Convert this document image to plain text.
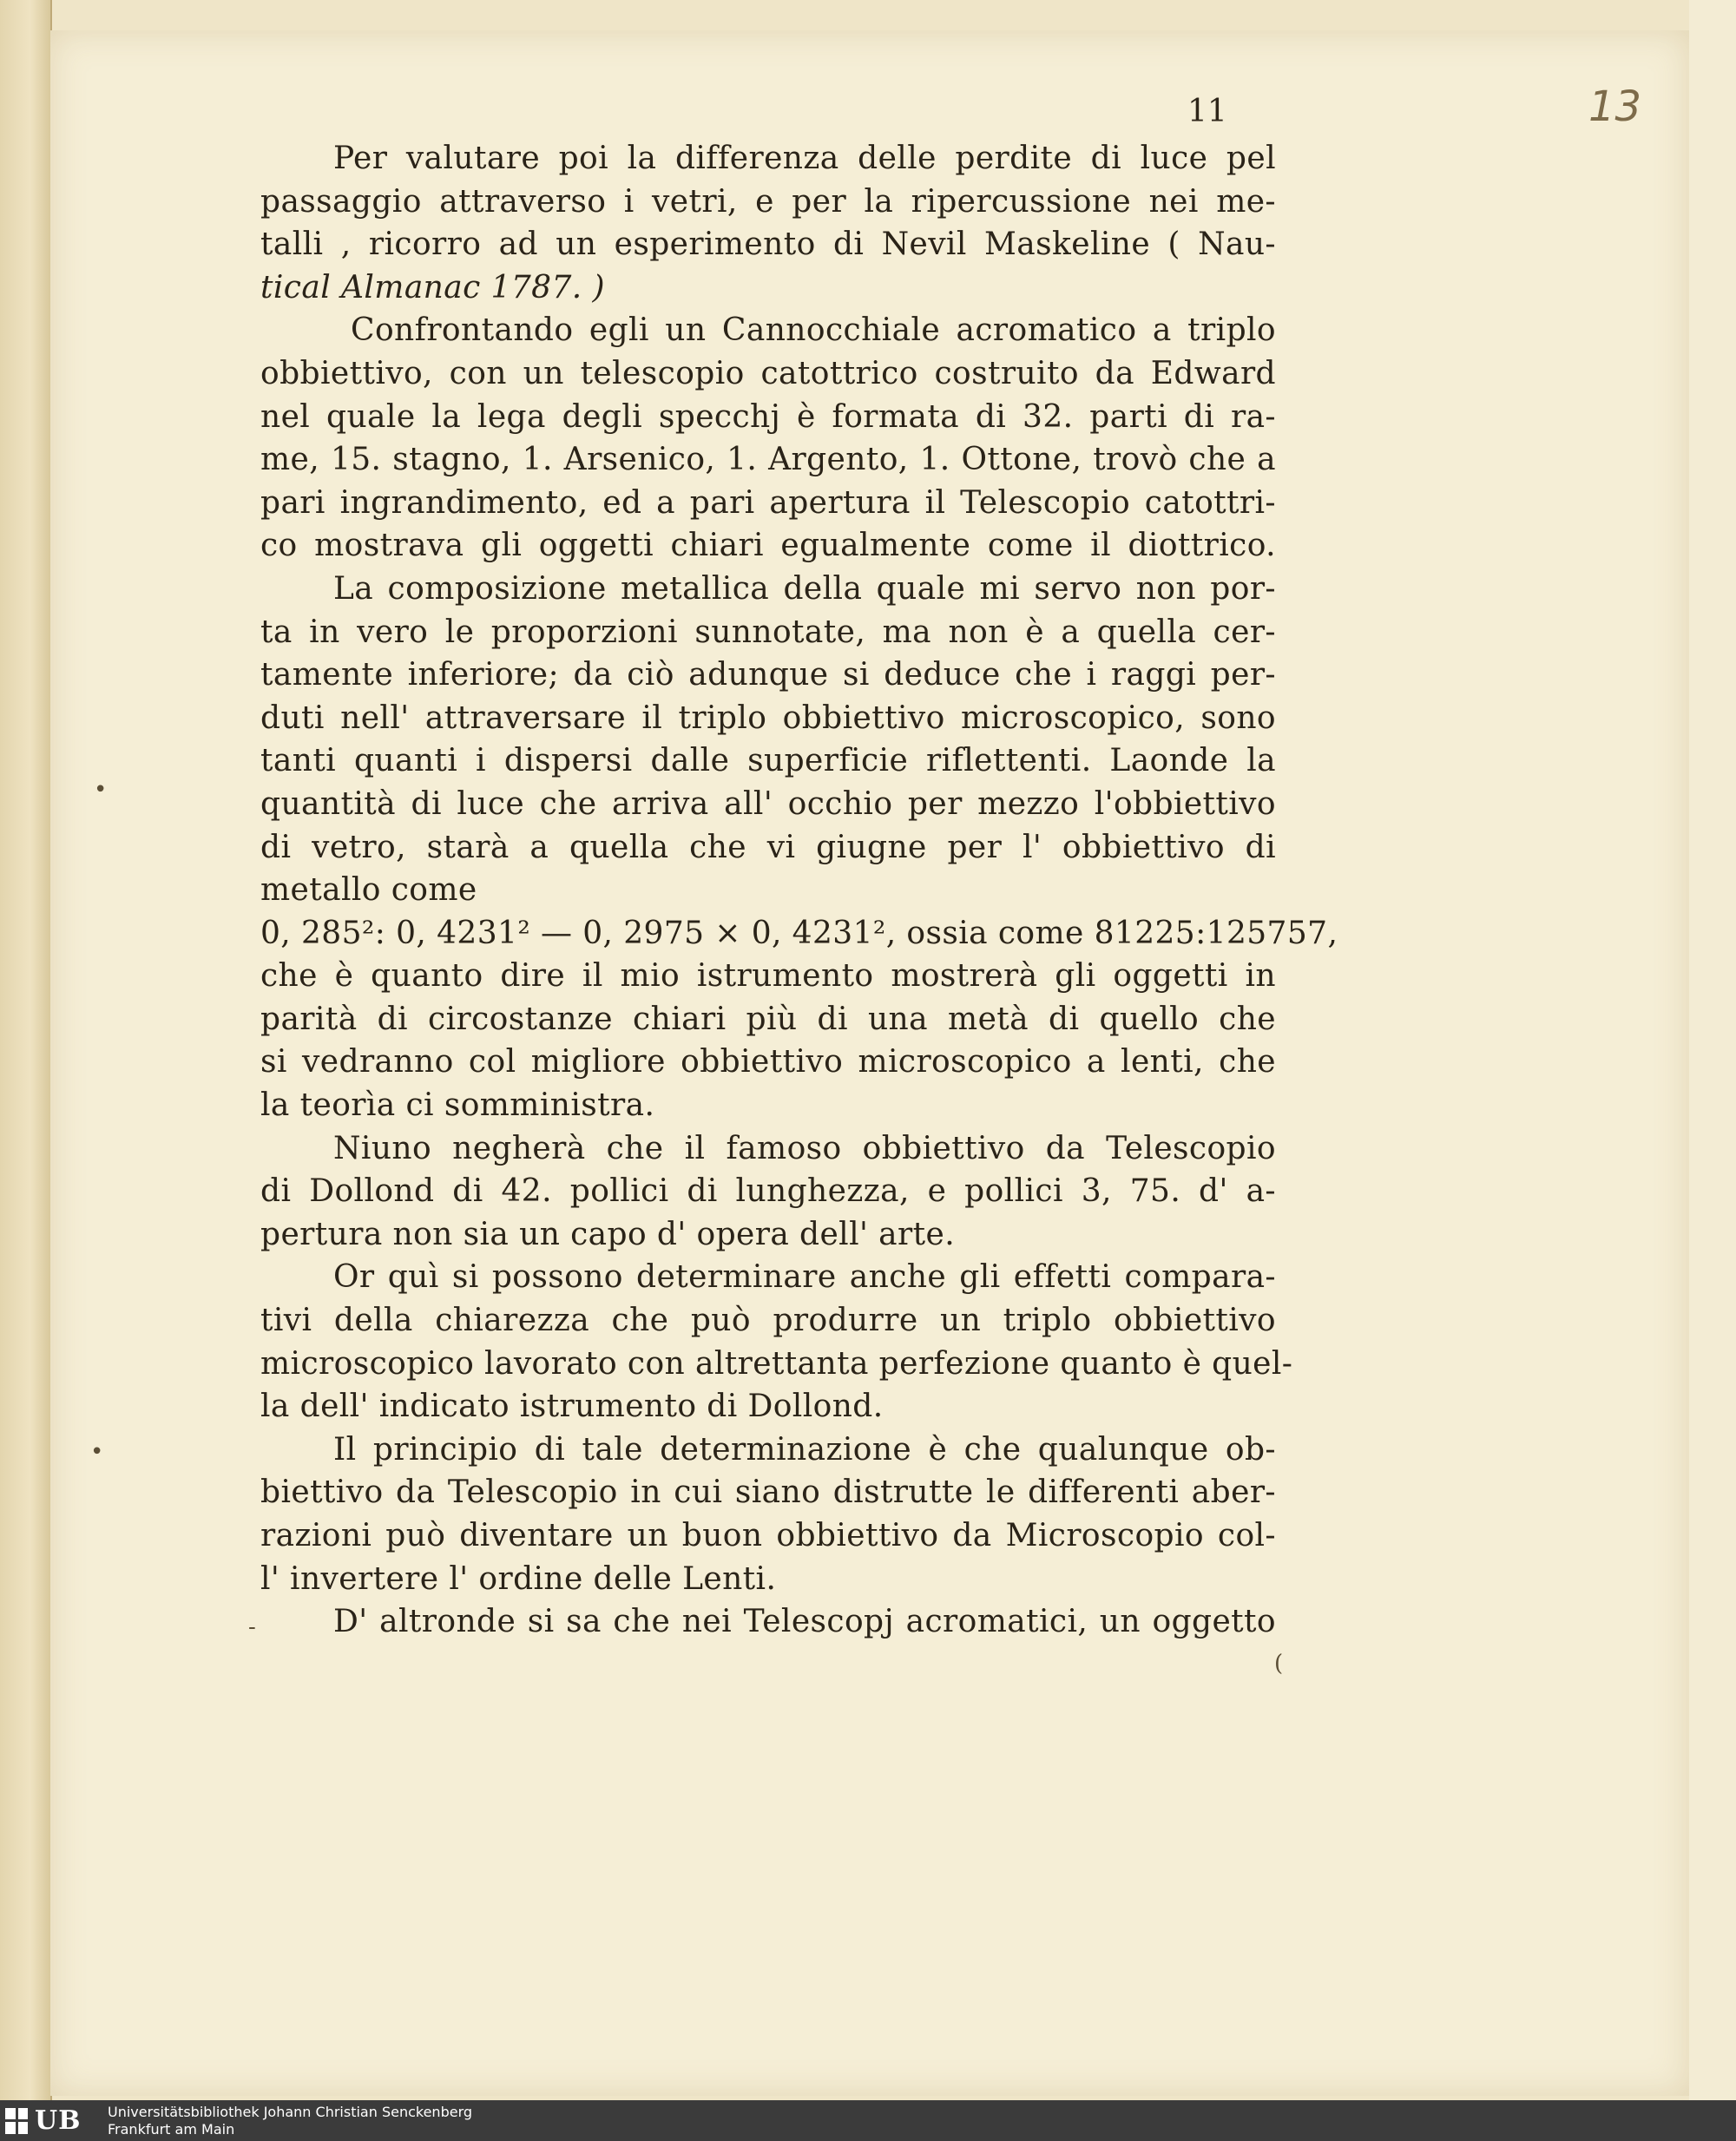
11	13

Per valutare poi la differenza delle perdite di luce pel
passaggio attraverso i vetri, e per la ripercussione nei me-
talli , ricorro ad un esperimento di Nevil Maskeline ( Nau-
tical Almanac 1787. )
Confrontando egli un Cannocchiale acromatico a triplo
obbiettivo, con un telescopio catottrico costruito da Edward
nel quale la lega degli specchj è formata di 32. parti di ra-
me, 15. stagno, 1. Arsenico, 1. Argento, 1. Ottone, trovò che a
pari ingrandimento, ed a pari apertura il Telescopio catottri-
co mostrava gli oggetti chiari egualmente come il diottrico.
La composizione metallica della quale mi servo non por-
ta in vero le proporzioni sunnotate, ma non è a quella cer-
tamente inferiore; da ciò adunque si deduce che i raggi per-
duti nell' attraversare il triplo obbiettivo microscopico, sono
tanti quanti i dispersi dalle superficie riflettenti. Laonde la
quantità di luce che arriva all' occhio per mezzo l'obbiettivo
di vetro, starà a quella che vi giugne per l' obbiettivo di
metallo come
0, 285²: 0, 4231² — 0, 2975 × 0, 4231², ossia come 81225:125757,
che è quanto dire il mio istrumento mostrerà gli oggetti in
parità di circostanze chiari più di una metà di quello che
si vedranno col migliore obbiettivo microscopico a lenti, che
la teorìa ci somministra.
Niuno negherà che il famoso obbiettivo da Telescopio
di Dollond di 42. pollici di lunghezza, e pollici 3, 75. d' a-
pertura non sia un capo d' opera dell' arte.
Or quì si possono determinare anche gli effetti compara-
tivi della chiarezza che può produrre un triplo obbiettivo
microscopico lavorato con altrettanta perfezione quanto è quel-
la dell' indicato istrumento di Dollond.
Il principio di tale determinazione è che qualunque ob-
biettivo da Telescopio in cui siano distrutte le differenti aber-
razioni può diventare un buon obbiettivo da Microscopio col-
l' invertere l' ordine delle Lenti.
D' altronde si sa che nei Telescopj acromatici, un oggetto
•
•
-
(
UB Universitätsbibliothek Johann Christian Senckenberg
Frankfurt am Main
